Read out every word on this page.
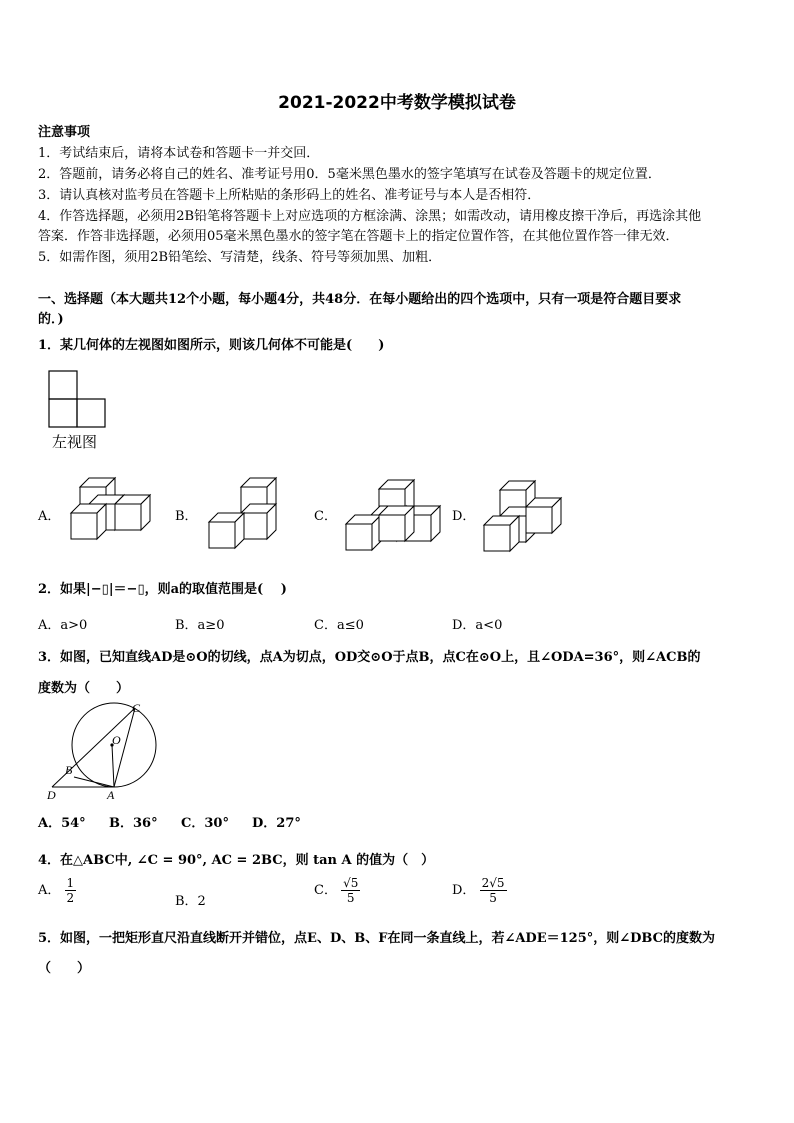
2021-2022中考数学模拟试卷
注意事项
1．考试结束后，请将本试卷和答题卡一并交回．
2．答题前，请务必将自己的姓名、准考证号用0．5毫米黑色墨水的签字笔填写在试卷及答题卡的规定位置．
3．请认真核对监考员在答题卡上所粘贴的条形码上的姓名、准考证号与本人是否相符．
4．作答选择题，必须用2B铅笔将答题卡上对应选项的方框涂满、涂黑；如需改动，请用橡皮擦干净后，再选涂其他
答案．作答非选择题，必须用05毫米黑色墨水的签字笔在答题卡上的指定位置作答，在其他位置作答一律无效．
5．如需作图，须用2B铅笔绘、写清楚，线条、符号等须加黑、加粗．
一、选择题（本大题共12个小题，每小题4分，共48分．在每小题给出的四个选项中，只有一项是符合题目要求
的．)
1．某几何体的左视图如图所示，则该几何体不可能是(　　)
左视图
A．	B．	C．	D．
2．如果|−▯|＝−▯，则a的取值范围是(　 )
A．a>0	B．a≥0	C．a≤0	D．a<0
3．如图，已知直线AD是⊙O的切线，点A为切点，OD交⊙O于点B，点C在⊙O上，且∠ODA=36°，则∠ACB的
度数为（　　）
C
O
B
D	A
A．54° B．36° C．30° D．27°
4．在△ABC中, ∠C = 90°, AC = 2BC，则 tan A 的值为（　）
A． $\frac{1}{2}$	B．2
C． $\frac{√5}{5}$	D． $\frac{2√5}{5}$
5．如图，一把矩形直尺沿直线断开并错位，点E、D、B、F在同一条直线上，若∠ADE＝125°，则∠DBC的度数为
（　　）
